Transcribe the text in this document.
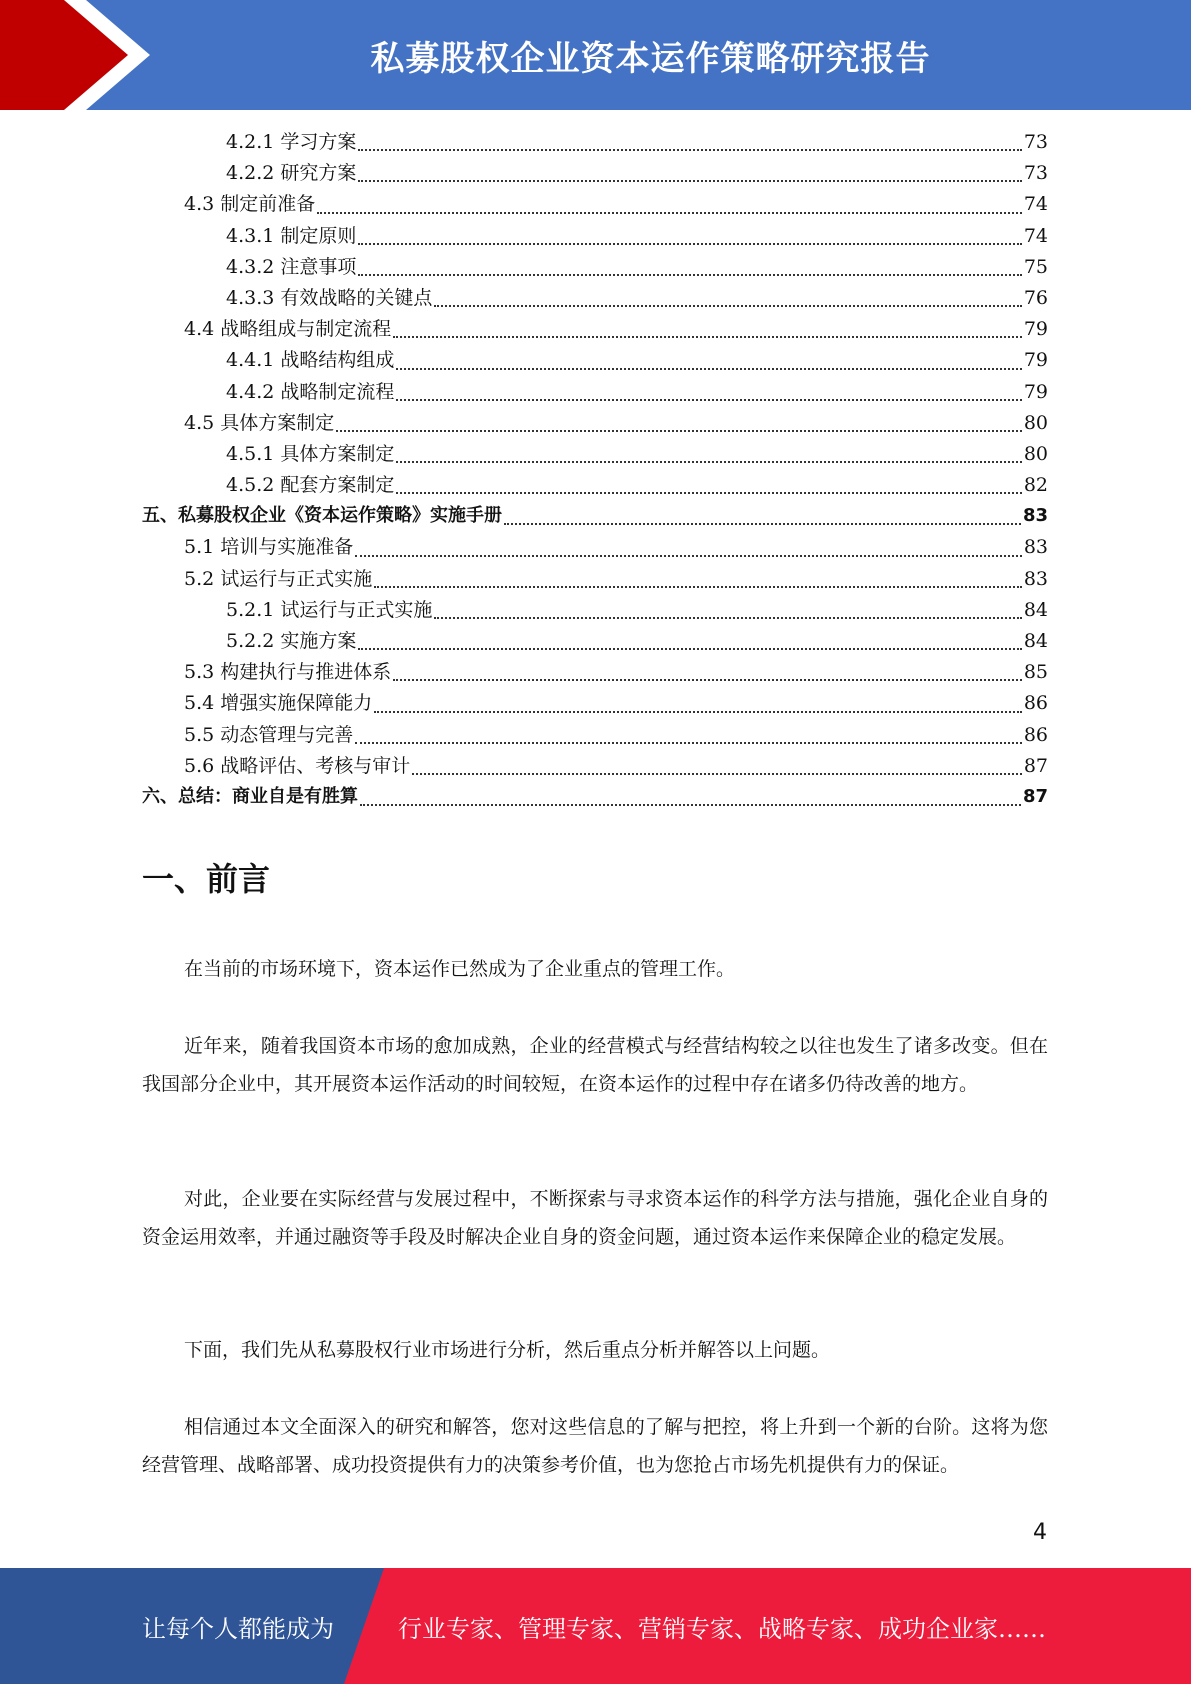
私募股权企业资本运作策略研究报告
4.2.1 学习方案	73
4.2.2 研究方案	73
4.3 制定前准备	74
4.3.1 制定原则	74
4.3.2 注意事项	75
4.3.3 有效战略的关键点	76
4.4 战略组成与制定流程	79
4.4.1 战略结构组成	79
4.4.2 战略制定流程	79
4.5 具体方案制定	80
4.5.1 具体方案制定	80
4.5.2 配套方案制定	82
五、私募股权企业《资本运作策略》实施手册	83
5.1 培训与实施准备	83
5.2 试运行与正式实施	83
5.2.1 试运行与正式实施	84
5.2.2 实施方案	84
5.3 构建执行与推进体系	85
5.4 增强实施保障能力	86
5.5 动态管理与完善	86
5.6 战略评估、考核与审计	87
六、总结：商业自是有胜算	87
一、前言

在当前的市场环境下，资本运作已然成为了企业重点的管理工作。

近年来，随着我国资本市场的愈加成熟，企业的经营模式与经营结构较之以往也发生了诸多改变。但在我国部分企业中，其开展资本运作活动的时间较短，在资本运作的过程中存在诸多仍待改善的地方。

对此，企业要在实际经营与发展过程中，不断探索与寻求资本运作的科学方法与措施，强化企业自身的资金运用效率，并通过融资等手段及时解决企业自身的资金问题，通过资本运作来保障企业的稳定发展。

下面，我们先从私募股权行业市场进行分析，然后重点分析并解答以上问题。

相信通过本文全面深入的研究和解答，您对这些信息的了解与把控，将上升到一个新的台阶。这将为您经营管理、战略部署、成功投资提供有力的决策参考价值，也为您抢占市场先机提供有力的保证。

4
让每个人都能成为	行业专家、管理专家、营销专家、战略专家、成功企业家……
